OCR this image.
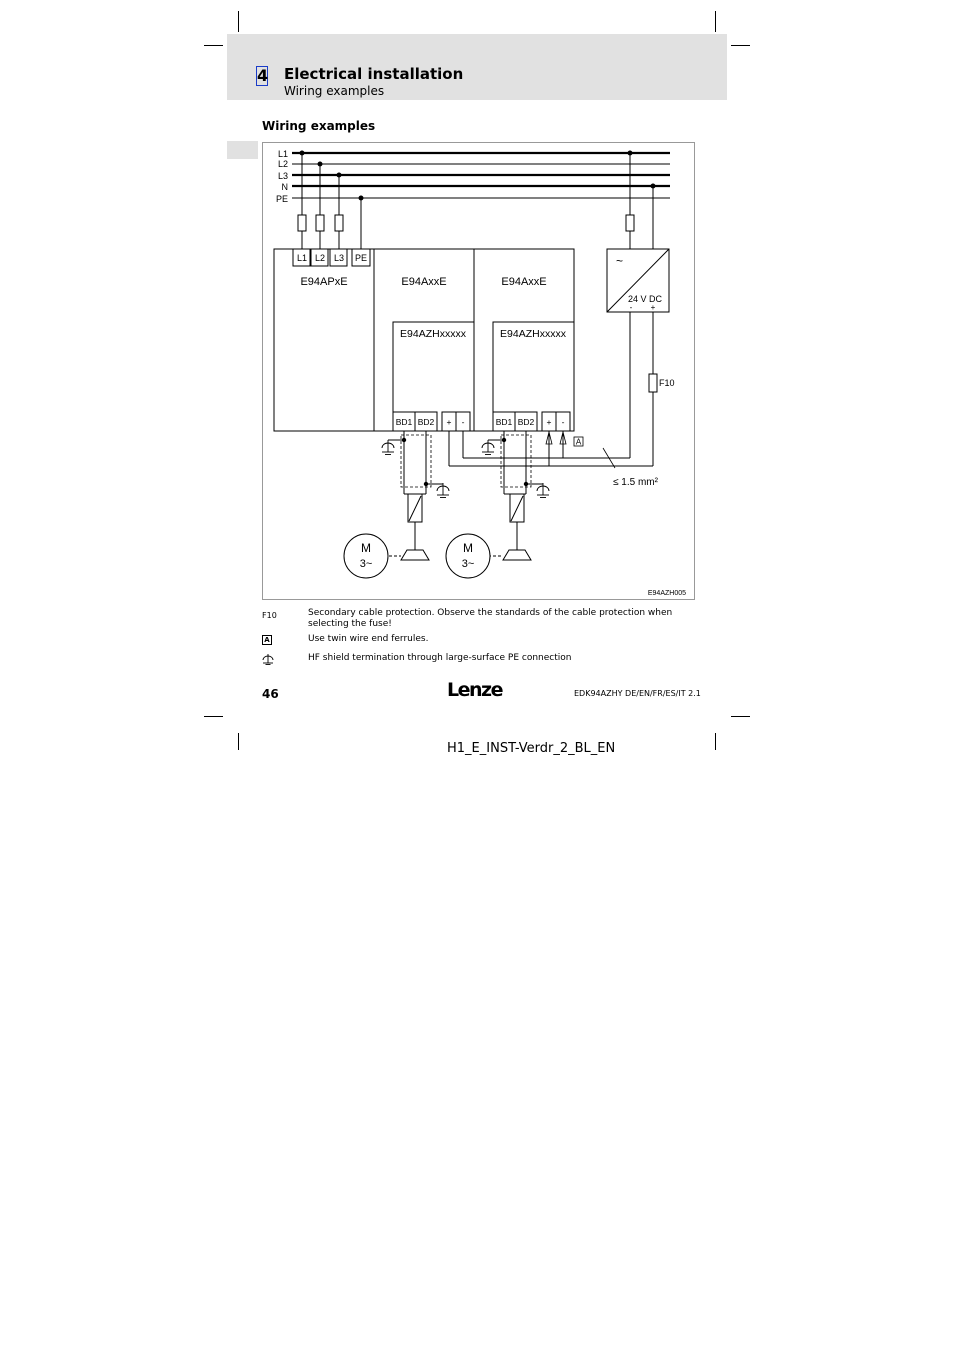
4 Electrical installation
Wiring examples
Wiring examples
L1
L2
L3
N
PE
L1 L2 L3 PE
E94APxE	E94AxxE	E94AxxE
E94AZHxxxxx	E94AZHxxxxx
BD1 BD2 + -	BD1 BD2 + -
~
24 V DC
- +
F10
A
≤ 1.5 mm²
M
3~
M
3~
E94AZH005
F10	Secondary cable protection. Observe the standards of the cable protection when selecting the fuse!
A	Use twin wire end ferrules.
HF shield termination through large-surface PE connection
46	Lenze	EDK94AZHY DE/EN/FR/ES/IT 2.1
H1_E_INST-Verdr_2_BL_EN
